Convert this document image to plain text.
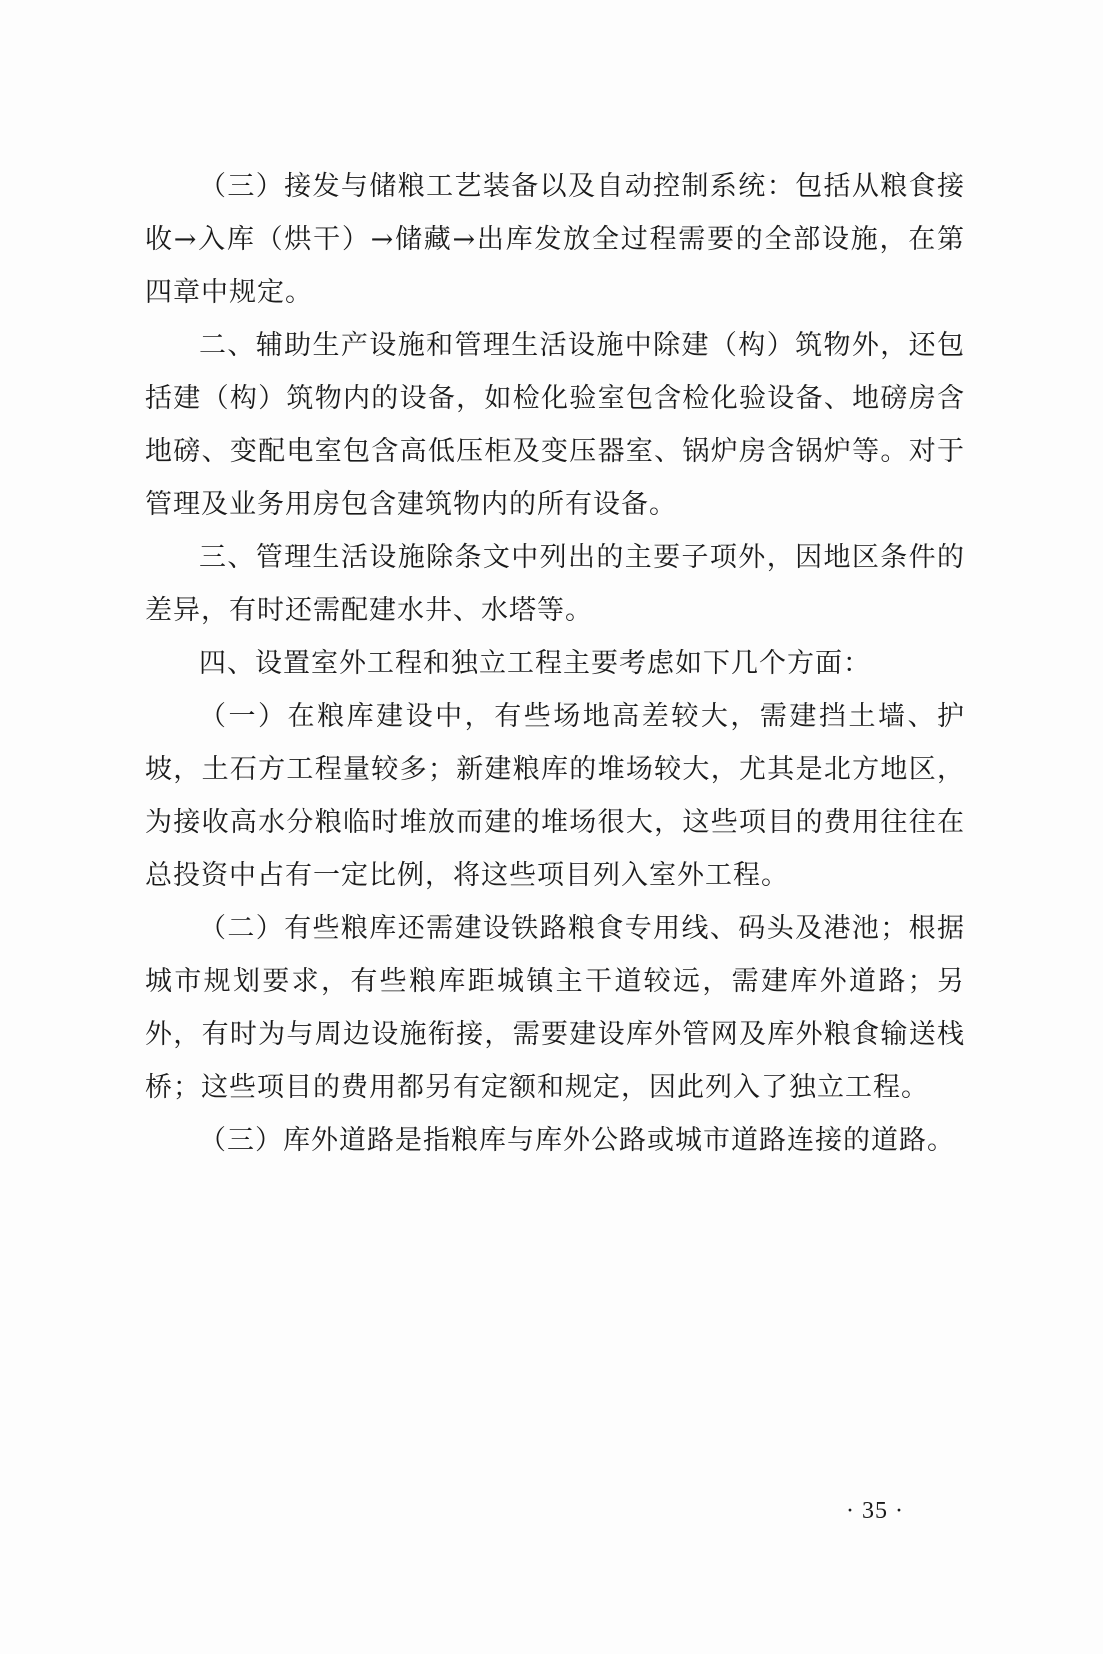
（三）接发与储粮工艺装备以及自动控制系统：包括从粮食接收→入库（烘干）→储藏→出库发放全过程需要的全部设施，在第四章中规定。

二、辅助生产设施和管理生活设施中除建（构）筑物外，还包括建（构）筑物内的设备，如检化验室包含检化验设备、地磅房含地磅、变配电室包含高低压柜及变压器室、锅炉房含锅炉等。对于管理及业务用房包含建筑物内的所有设备。

三、管理生活设施除条文中列出的主要子项外，因地区条件的差异，有时还需配建水井、水塔等。

四、设置室外工程和独立工程主要考虑如下几个方面：

（一）在粮库建设中，有些场地高差较大，需建挡土墙、护坡，土石方工程量较多；新建粮库的堆场较大，尤其是北方地区，为接收高水分粮临时堆放而建的堆场很大，这些项目的费用往往在总投资中占有一定比例，将这些项目列入室外工程。

（二）有些粮库还需建设铁路粮食专用线、码头及港池；根据城市规划要求，有些粮库距城镇主干道较远，需建库外道路；另外，有时为与周边设施衔接，需要建设库外管网及库外粮食输送栈桥；这些项目的费用都另有定额和规定，因此列入了独立工程。

（三）库外道路是指粮库与库外公路或城市道路连接的道路。

· 35 ·
